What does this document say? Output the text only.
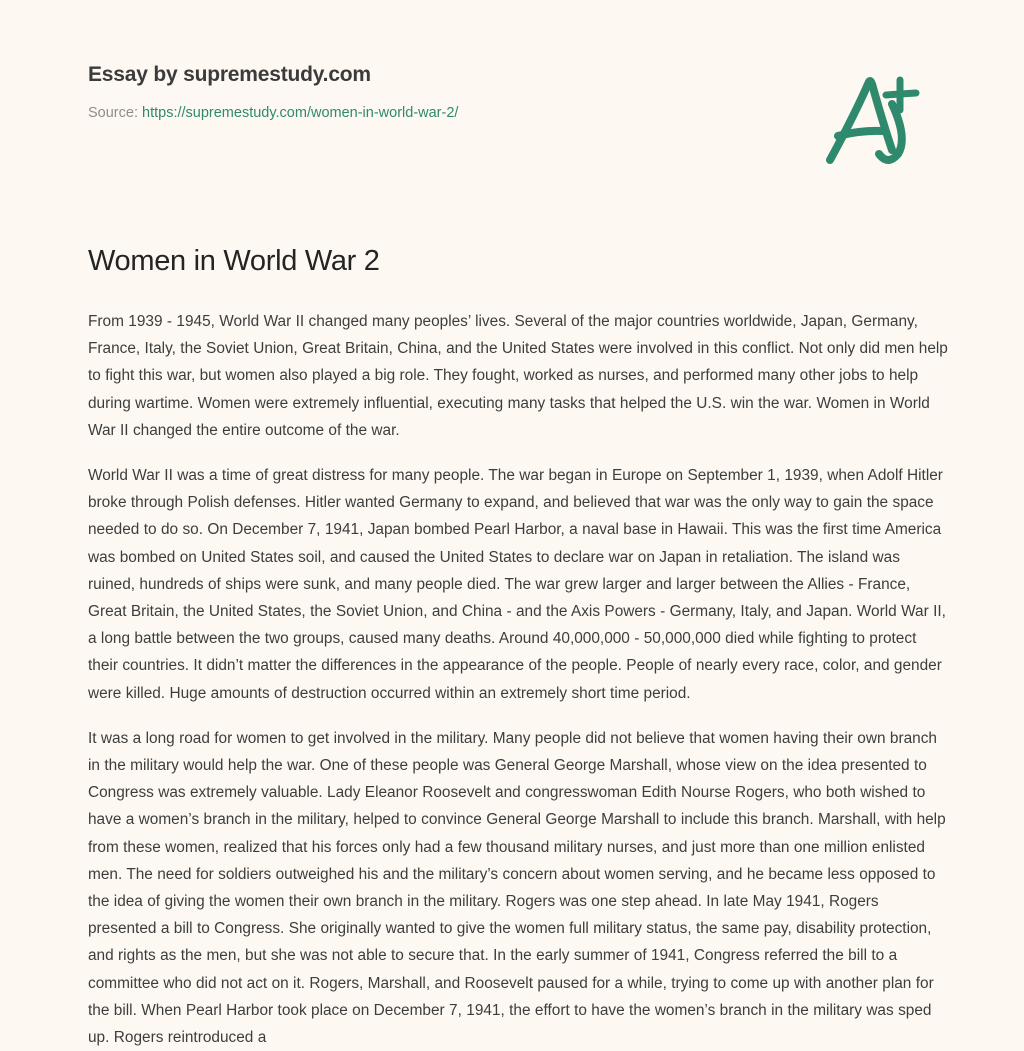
Essay by supremestudy.com
Source: https://supremestudy.com/women-in-world-war-2/
Women in World War 2

From 1939 - 1945, World War II changed many peoples’ lives. Several of the major countries worldwide, Japan, Germany, France, Italy, the Soviet Union, Great Britain, China, and the United States were involved in this conflict. Not only did men help to fight this war, but women also played a big role. They fought, worked as nurses, and performed many other jobs to help during wartime. Women were extremely influential, executing many tasks that helped the U.S. win the war. Women in World War II changed the entire outcome of the war.

World War II was a time of great distress for many people. The war began in Europe on September 1, 1939, when Adolf Hitler broke through Polish defenses. Hitler wanted Germany to expand, and believed that war was the only way to gain the space needed to do so. On December 7, 1941, Japan bombed Pearl Harbor, a naval base in Hawaii. This was the first time America was bombed on United States soil, and caused the United States to declare war on Japan in retaliation. The island was ruined, hundreds of ships were sunk, and many people died. The war grew larger and larger between the Allies - France, Great Britain, the United States, the Soviet Union, and China - and the Axis Powers - Germany, Italy, and Japan. World War II, a long battle between the two groups, caused many deaths. Around 40,000,000 - 50,000,000 died while fighting to protect their countries. It didn’t matter the differences in the appearance of the people. People of nearly every race, color, and gender were killed. Huge amounts of destruction occurred within an extremely short time period.

It was a long road for women to get involved in the military. Many people did not believe that women having their own branch in the military would help the war. One of these people was General George Marshall, whose view on the idea presented to Congress was extremely valuable. Lady Eleanor Roosevelt and congresswoman Edith Nourse Rogers, who both wished to have a women’s branch in the military, helped to convince General George Marshall to include this branch. Marshall, with help from these women, realized that his forces only had a few thousand military nurses, and just more than one million enlisted men. The need for soldiers outweighed his and the military’s concern about women serving, and he became less opposed to the idea of giving the women their own branch in the military. Rogers was one step ahead. In late May 1941, Rogers presented a bill to Congress. She originally wanted to give the women full military status, the same pay, disability protection, and rights as the men, but she was not able to secure that. In the early summer of 1941, Congress referred the bill to a committee who did not act on it. Rogers, Marshall, and Roosevelt paused for a while, trying to come up with another plan for the bill. When Pearl Harbor took place on December 7, 1941, the effort to have the women’s branch in the military was sped up. Rogers reintroduced a
